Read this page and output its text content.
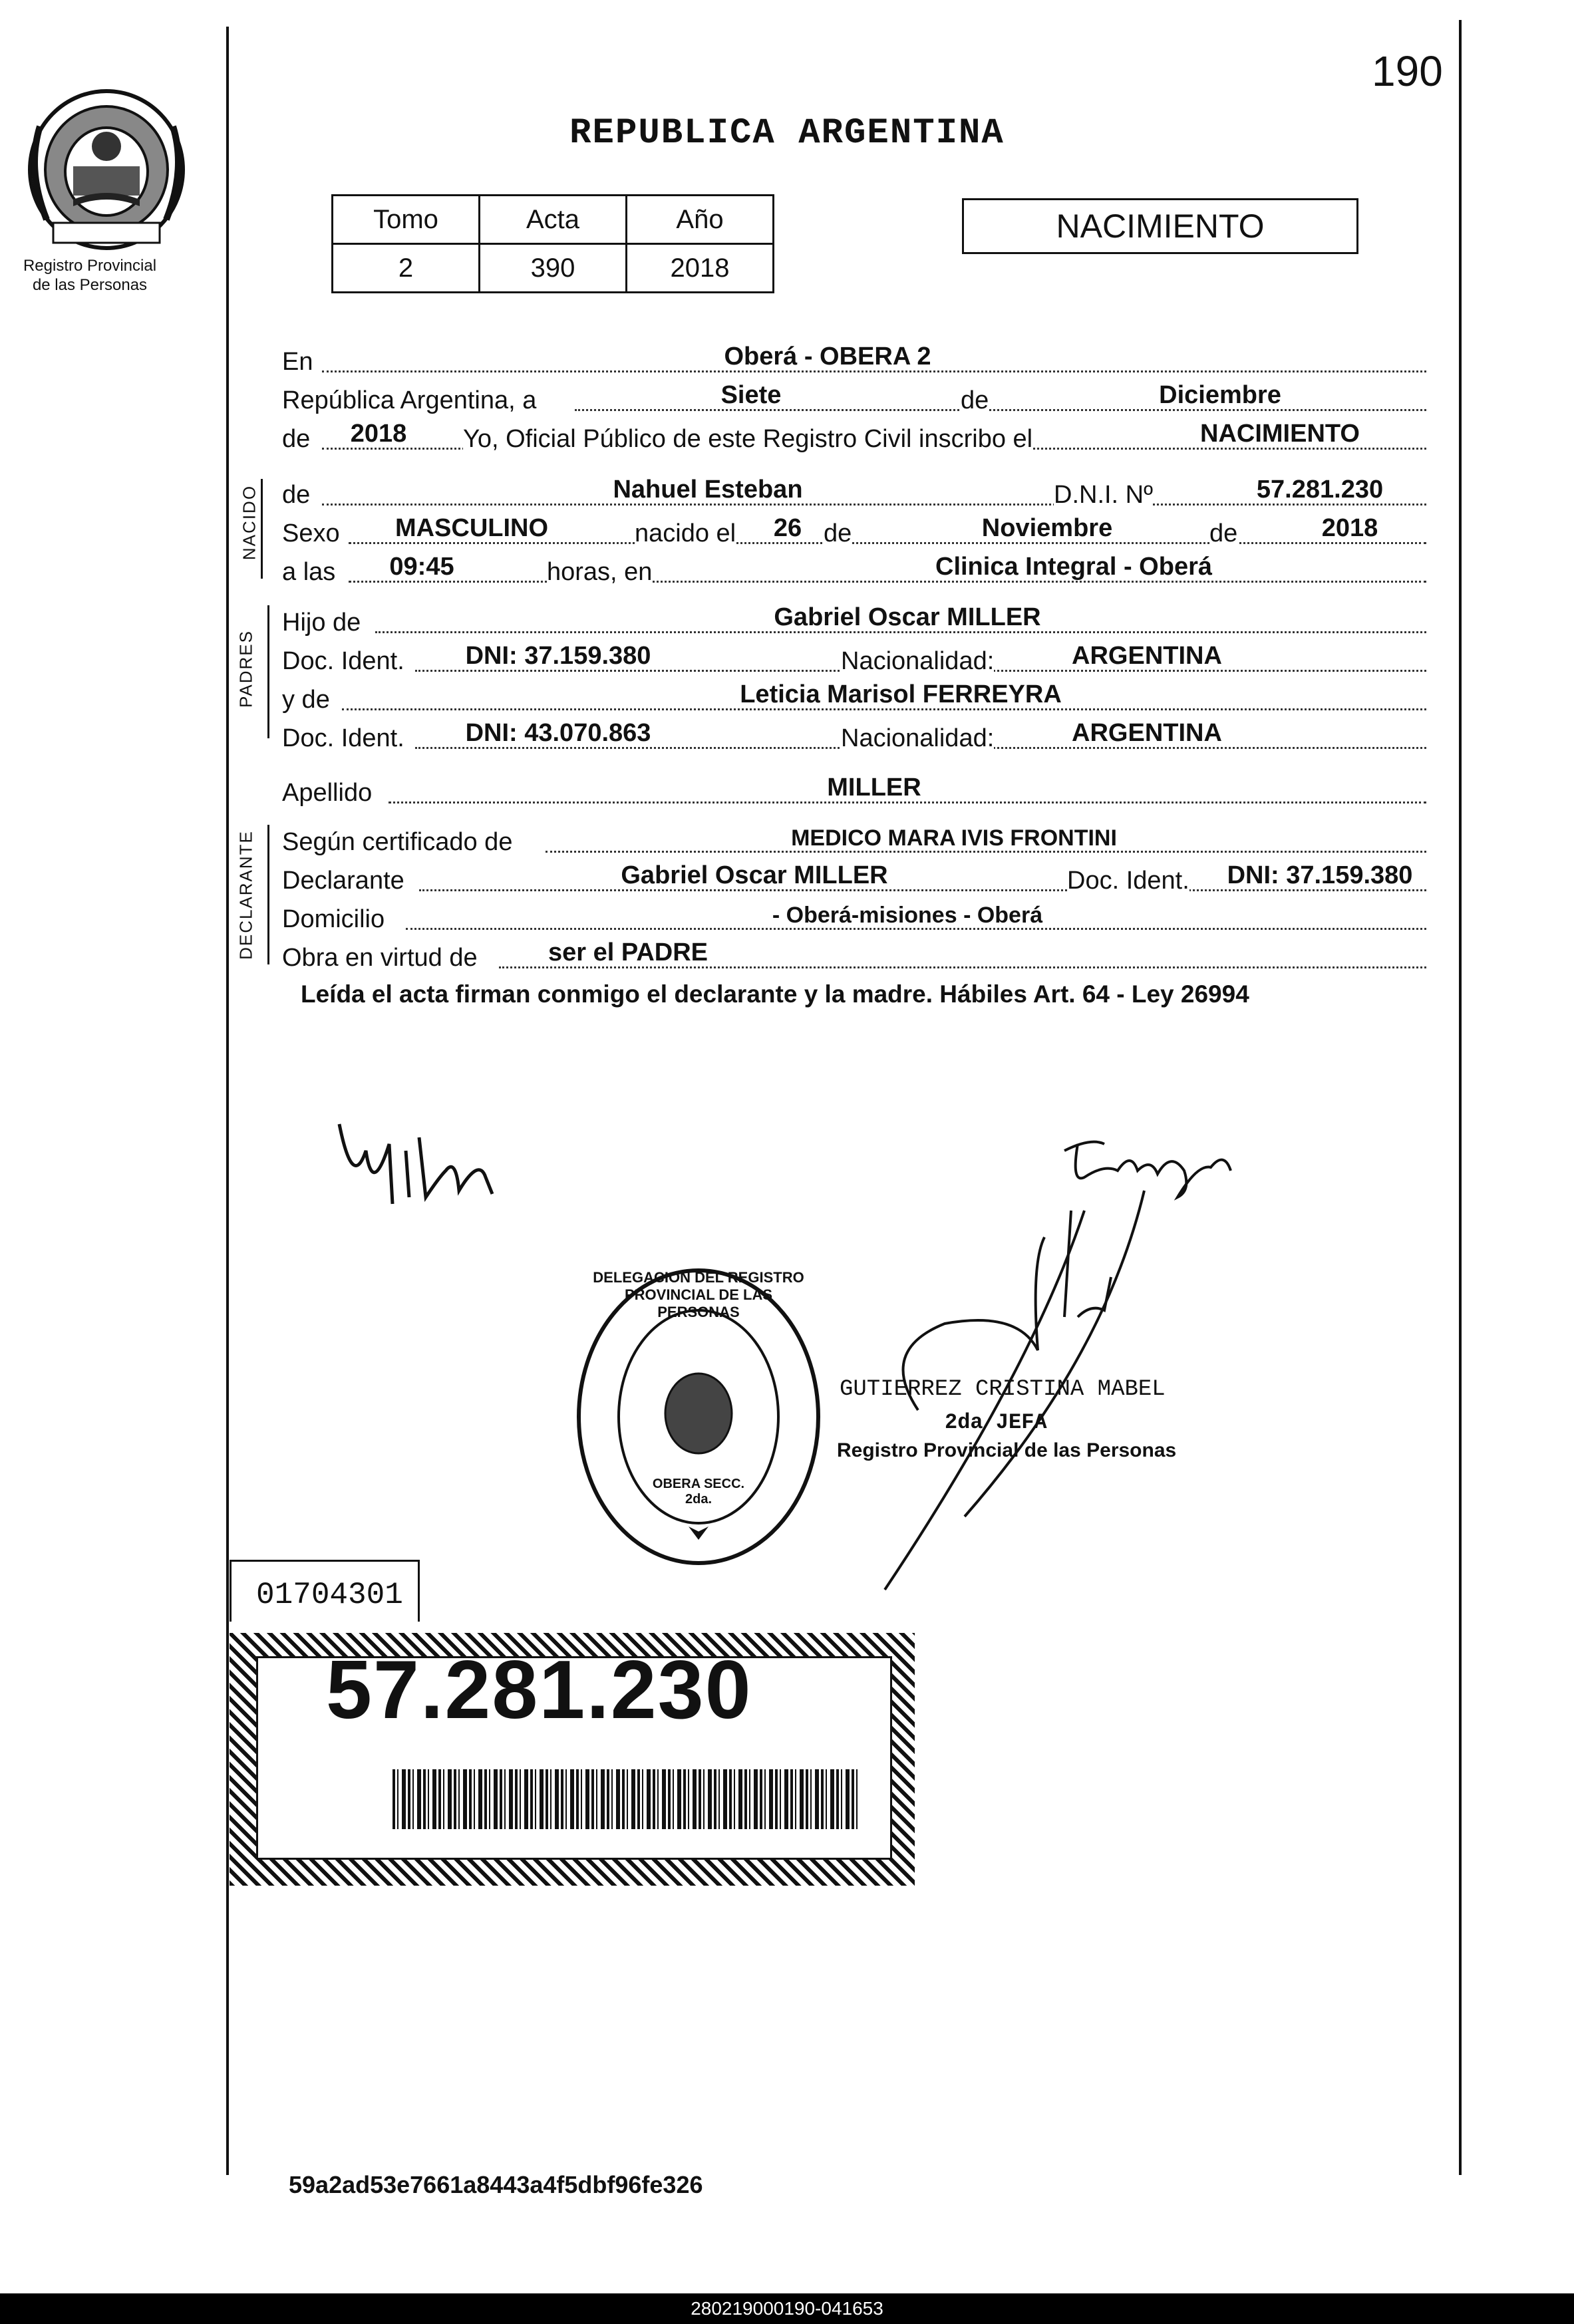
190
Registro Provincial
de las Personas
REPUBLICA ARGENTINA
Tomo	Acta	Año
2	390	2018
NACIMIENTO
En	Oberá - OBERA 2
República Argentina, a	Siete	de	Diciembre
de	2018	Yo, Oficial Público de este Registro Civil inscribo el	NACIMIENTO
NACIDO de	Nahuel Esteban	D.N.I. Nº	57.281.230
Sexo	MASCULINO	nacido el	26 de	Noviembre	de	2018
a las	09:45	horas, en	Clinica Integral - Oberá
PADRES
Hijo de	Gabriel Oscar MILLER
Doc. Ident.	DNI: 37.159.380	Nacionalidad:	ARGENTINA
y de	Leticia Marisol FERREYRA
Doc. Ident.	DNI: 43.070.863	Nacionalidad:	ARGENTINA
Apellido	MILLER
DECLARANTE Según certificado de	MEDICO MARA IVIS FRONTINI
Declarante	Gabriel Oscar MILLER	Doc. Ident.	DNI: 37.159.380
Domicilio	- Oberá-misiones - Oberá
Obra en virtud de	ser el PADRE
Leída el acta firman conmigo el declarante y la madre. Hábiles Art. 64 - Ley 26994
DELEGACION DEL REGISTRO PROVINCIAL DE LAS PERSONAS
OBERA SECC. 2da.
GUTIERREZ CRISTINA MABEL
2da JEFA
Registro Provincial de las Personas
01704301
57.281.230
59a2ad53e7661a8443a4f5dbf96fe326
280219000190-041653
